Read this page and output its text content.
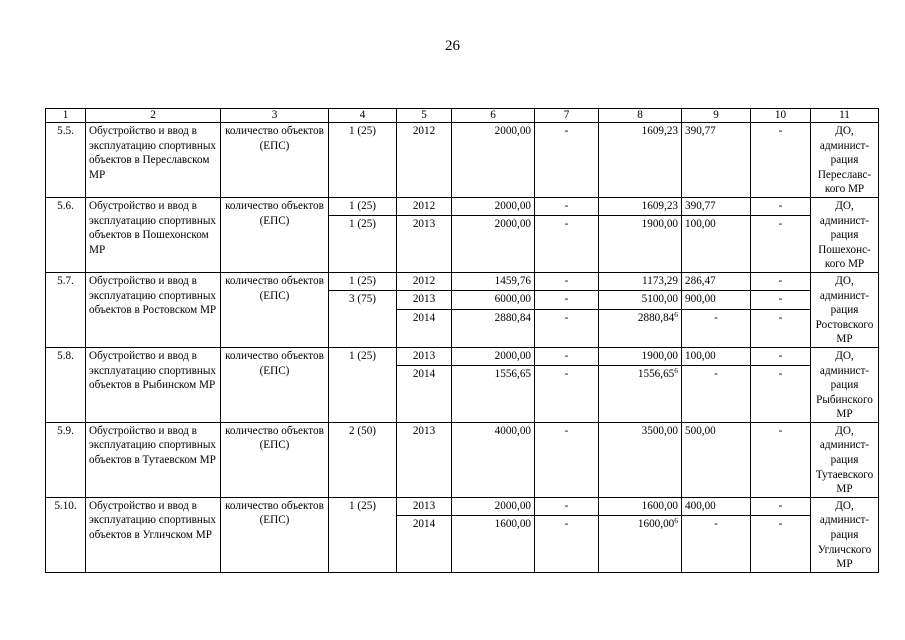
26
1	2	3	4	5	6	7	8	9	10	11
5.5.	Обустройство и ввод в эксплуатацию спортивных объектов в Переславском МР	количество объектов (ЕПС)	1 (25)	2012	2000,00	-	1609,23	390,77	-	ДО, админист-рация Переславс-кого МР
5.6.	Обустройство и ввод в эксплуатацию спортивных объектов в Пошехонском МР	количество объектов (ЕПС)	1 (25)	2012	2000,00	-	1609,23	390,77	-	ДО, админист-рация Пошехонс-кого МР
			1 (25)	2013	2000,00	-	1900,00	100,00	-	
5.7.	Обустройство и ввод в эксплуатацию спортивных объектов в Ростовском МР	количество объектов (ЕПС)	1 (25)	2012	1459,76	-	1173,29	286,47	-	ДО, админист-рация Ростовского МР
			3 (75)	2013	6000,00	-	5100,00	900,00	-	
				2014	2880,84	-	2880,84$^6$	-	-	
5.8.	Обустройство и ввод в эксплуатацию спортивных объектов в Рыбинском МР	количество объектов (ЕПС)	1 (25)	2013	2000,00	-	1900,00	100,00	-	ДО, админист-рация Рыбинского МР
				2014	1556,65	-	1556,65$^6$	-	-	
5.9.	Обустройство и ввод в эксплуатацию спортивных объектов в Тутаевском МР	количество объектов (ЕПС)	2 (50)	2013	4000,00	-	3500,00	500,00	-	ДО, админист-рация Тутаевского МР
5.10.	Обустройство и ввод в эксплуатацию спортивных объектов в Угличском МР	количество объектов (ЕПС)	1 (25)	2013	2000,00	-	1600,00	400,00	-	ДО, админист-рация Угличского МР
				2014	1600,00	-	1600,00$^6$	-	-	
